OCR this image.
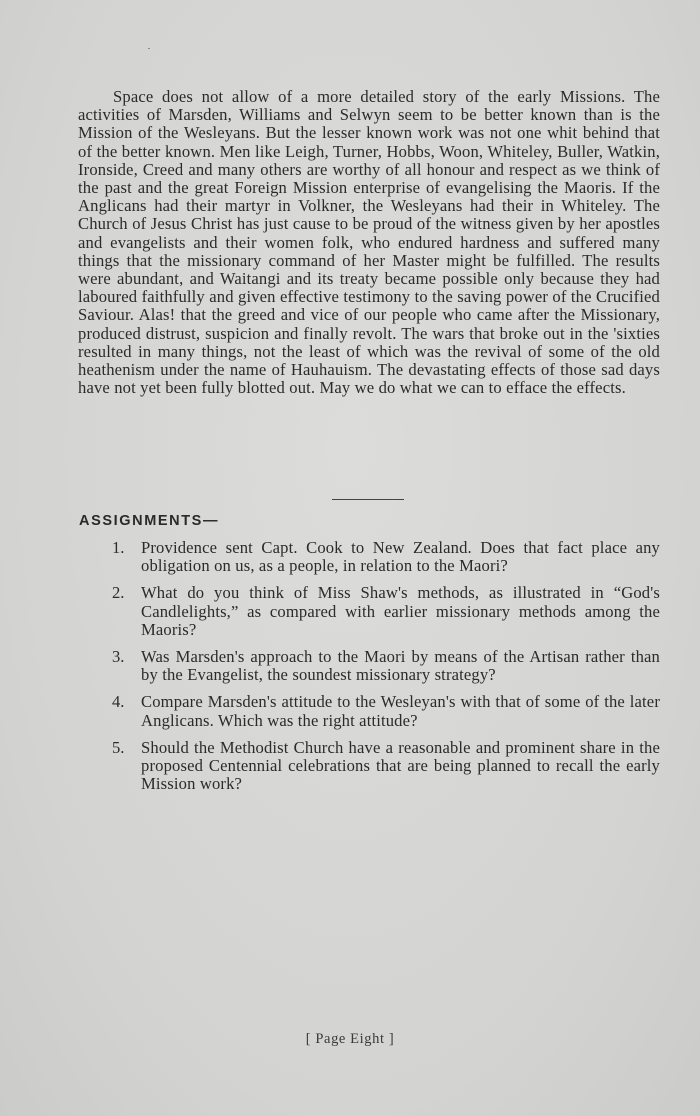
Space does not allow of a more detailed story of the early Missions. The activities of Marsden, Williams and Selwyn seem to be better known than is the Mission of the Wesleyans. But the lesser known work was not one whit behind that of the better known. Men like Leigh, Turner, Hobbs, Woon, Whiteley, Buller, Watkin, Ironside, Creed and many others are worthy of all honour and respect as we think of the past and the great Foreign Mission enterprise of evangelising the Maoris. If the Anglicans had their martyr in Volkner, the Wesleyans had their in Whiteley. The Church of Jesus Christ has just cause to be proud of the witness given by her apostles and evangelists and their women folk, who endured hardness and suffered many things that the missionary command of her Master might be fulfilled. The results were abundant, and Waitangi and its treaty became possible only because they had laboured faithfully and given effective testimony to the saving power of the Crucified Saviour. Alas! that the greed and vice of our people who came after the Missionary, produced distrust, suspicion and finally revolt. The wars that broke out in the 'sixties resulted in many things, not the least of which was the revival of some of the old heathenism under the name of Hauhauism. The devastating effects of those sad days have not yet been fully blotted out. May we do what we can to efface the effects.

ASSIGNMENTS—
1. Providence sent Capt. Cook to New Zealand. Does that fact place any obligation on us, as a people, in relation to the Maori?
2. What do you think of Miss Shaw's methods, as illustrated in “God's Candlelights,” as compared with earlier missionary methods among the Maoris?
3. Was Marsden's approach to the Maori by means of the Artisan rather than by the Evangelist, the soundest missionary strategy?
4. Compare Marsden's attitude to the Wesleyan's with that of some of the later Anglicans. Which was the right attitude?
5. Should the Methodist Church have a reasonable and prominent share in the proposed Centennial celebrations that are being planned to recall the early Mission work?
[ Page Eight ]
